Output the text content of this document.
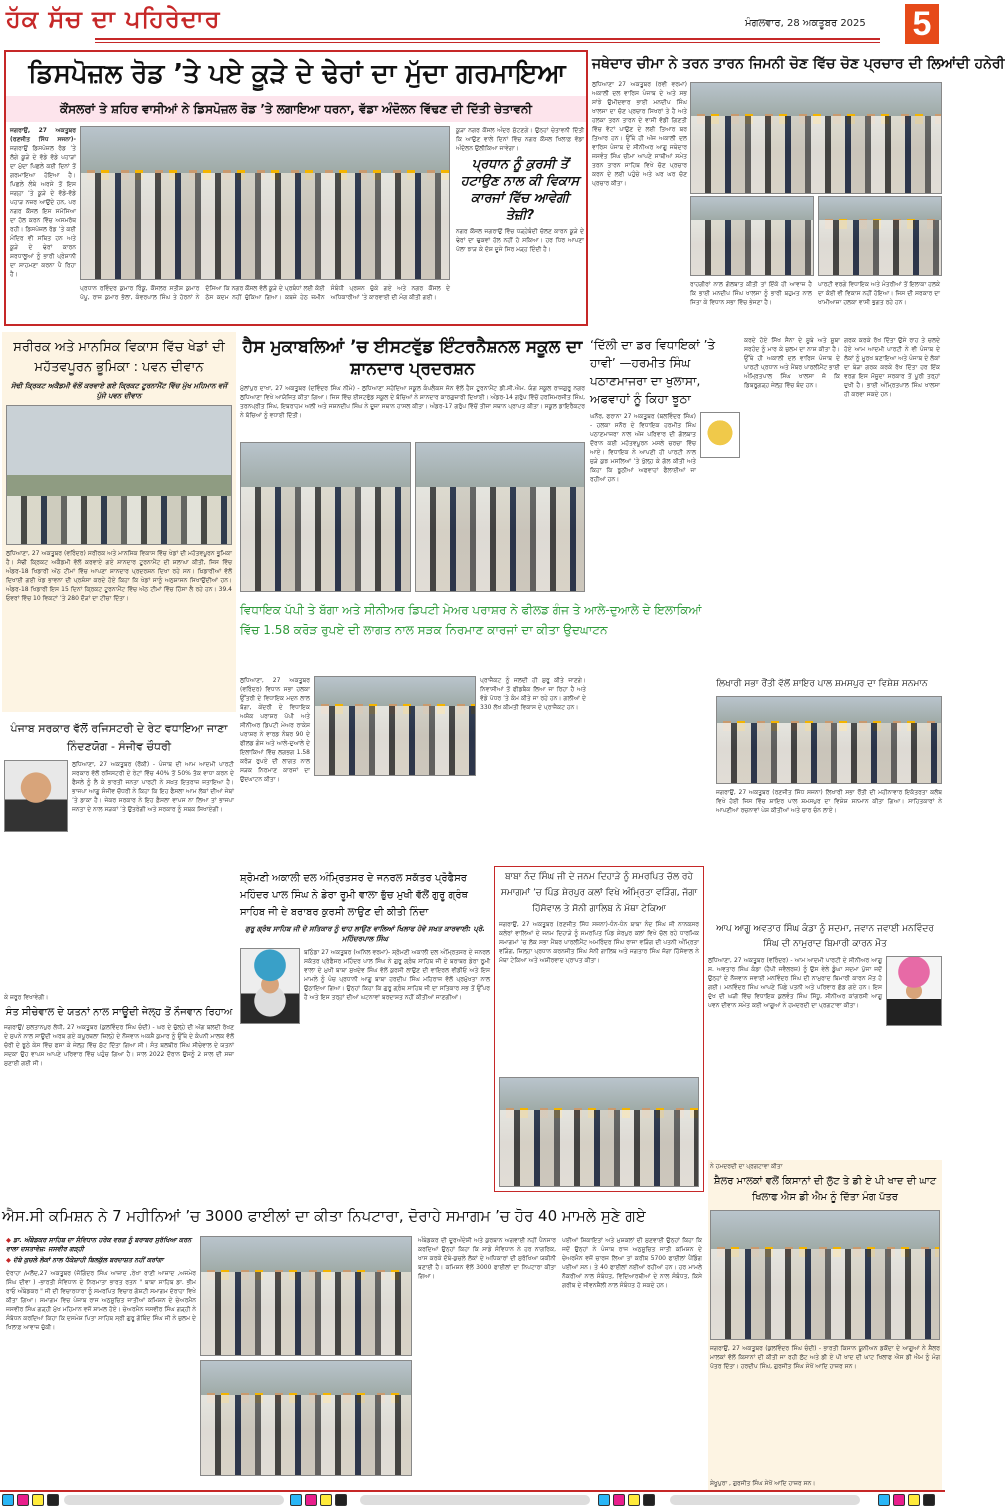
ਹੱਕ ਸੱਚ ਦਾ ਪਹਿਰੇਦਾਰ	ਮੰਗਲਵਾਰ, 28 ਅਕਤੂਬਰ 2025 5
ਡਿਸਪੋਜ਼ਲ ਰੋਡ ’ਤੇ ਪਏ ਕੂੜੇ ਦੇ ਢੇਰਾਂ ਦਾ ਮੁੱਦਾ ਗਰਮਾਇਆ
ਕੌਂਸਲਰਾਂ ਤੇ ਸ਼ਹਿਰ ਵਾਸੀਆਂ ਨੇ ਡਿਸਪੋਜ਼ਲ ਰੋਡ ’ਤੇ ਲਗਾਇਆ ਧਰਨਾ, ਵੱਡਾ ਅੰਦੋਲਨ ਵਿੱਢਣ ਦੀ ਦਿੱਤੀ ਚੇਤਾਵਨੀ
ਜਗਰਾਉਂ, 27 ਅਕਤੂਬਰ (ਰਣਜੀਤ ਸਿੱਧ ਸਜਨਾ)- ਜਗਰਾਉਂ ਡਿਸਪੋਜ਼ਲ ਰੋਡ ’ਤੇ ਲੱਗੇ ਕੂੜੇ ਦੇ ਵੱਡੇ ਵੱਡੇ ਪਹਾੜਾਂ ਦਾ ਮੁੱਦਾ ਪਿਛਲੇ ਕਈ ਦਿਨਾਂ ਤੋਂ ਗਰਮਾਇਆ ਹੋਇਆ ਹੈ। ਪਿਛਲੇ ਲੰਬੇ ਅਰਸੇ ਤੋਂ ਇਸ ਜਗ੍ਹਾ ’ਤੇ ਕੂੜੇ ਦੇ ਵੱਡੇ-ਵੱਡੇ ਪਹਾੜ ਨਜ਼ਰ ਆਉਂਦੇ ਹਨ, ਪਰ ਨਗਰ ਕੌਂਸਲ ਇਸ ਸਮੱਸਿਆ ਦਾ ਹੱਲ ਕਰਨ ਵਿੱਚ ਅਸਮਰੱਥ ਰਹੀ। ਡਿਸਪੋਜ਼ਲ ਰੋਡ ’ਤੇ ਕਈ ਮੰਦਿਰ ਵੀ ਸਥਿਤ ਹਨ ਅਤੇ ਕੂੜੇ ਦੇ ਢੇਰਾਂ ਕਾਰਨ ਸ਼ਰਧਾਲੂਆਂ ਨੂੰ ਭਾਰੀ ਪ੍ਰੇਸ਼ਾਨੀ ਦਾ ਸਾਹਮਣਾ ਕਰਨਾ ਪੈ ਰਿਹਾ ਹੈ।
ਪ੍ਰਧਾਨ ਰਵਿੰਦਰ ਕੁਮਾਰ ਰਿੰਕੂ, ਕੌਂਸਲਰ ਸਤੀਸ਼ ਕੁਮਾਰ ਪੱਪੂ, ਰਾਜ ਕੁਮਾਰ ਭੱਲਾ, ਕੰਵਰਪਾਲ ਸਿੰਘ ਤੇ ਹੋਰਨਾਂ ਨੇ ਦੱਸਿਆ ਕਿ ਨਗਰ ਕੌਂਸਲ ਵੱਲੋਂ ਕੂੜੇ ਦੇ ਪ੍ਰਬੰਧਾਂ ਲਈ ਕੋਈ ਠੋਸ ਕਦਮ ਨਹੀਂ ਚੁੱਕਿਆ ਗਿਆ। ਕਬਜ਼ੇ ਹੇਠ ਜ਼ਮੀਨ ਸੰਬੰਧੀ ਪ੍ਰਸ਼ਨ ਚੁੱਕੇ ਗਏ ਅਤੇ ਨਗਰ ਕੌਂਸਲ ਦੇ ਅਧਿਕਾਰੀਆਂ ’ਤੇ ਕਾਰਵਾਈ ਦੀ ਮੰਗ ਕੀਤੀ ਗਈ।
ਕੂੜਾ ਨਗਰ ਕੌਂਸਲ ਅੰਦਰ ਸੁੱਟਣਗੇ। ਉਨ੍ਹਾਂ ਚੇਤਾਵਨੀ ਦਿੱਤੀ ਕਿ ਆਉਣ ਵਾਲੇ ਦਿਨਾਂ ਵਿੱਚ ਨਗਰ ਕੌਂਸਲ ਖਿਲਾਫ਼ ਵੱਡਾ ਅੰਦੋਲਨ ਉਲੀਕਿਆ ਜਾਵੇਗਾ।
ਪ੍ਰਧਾਨ ਨੂੰ ਕੁਰਸੀ ਤੋਂ ਹਟਾਉਣ ਨਾਲ ਕੀ ਵਿਕਾਸ ਕਾਰਜਾਂ ਵਿੱਚ ਆਵੇਗੀ ਤੇਜ਼ੀ?
ਨਗਰ ਕੌਂਸਲ ਜਗਰਾਉਂ ਵਿੱਚ ਧੜ੍ਹੇਬੰਦੀ ਚੱਲਣ ਕਾਰਨ ਕੂੜੇ ਦੇ ਢੇਰਾਂ ਦਾ ਢੁਕਵਾਂ ਹੱਲ ਨਹੀਂ ਹੋ ਸਕਿਆ। ਹਰ ਧਿਰ ਆਪਣਾ ਪੱਲਾ ਝਾੜ ਕੇ ਦੋਸ਼ ਦੂਜੇ ਸਿਰ ਮੜ੍ਹ ਦਿੰਦੀ ਹੈ।
ਜਥੇਦਾਰ ਚੀਮਾ ਨੇ ਤਰਨ ਤਾਰਨ ਜਿਮਨੀ ਚੋਣ ਵਿੱਚ ਚੋਣ ਪ੍ਰਚਾਰ ਦੀ ਲਿਆਂਦੀ ਹਨੇਰੀ
ਲੁਧਿਆਣਾ 27 ਅਕਤੂਬਰ (ਰਵੀ ਵਰਮਾ) ਅਕਾਲੀ ਦਲ ਵਾਰਿਸ ਪੰਜਾਬ ਦੇ ਅਤੇ ਸਭ ਸਾਂਝੇ ਉਮੀਦਵਾਰ ਭਾਈ ਮਨਦੀਪ ਸਿੰਘ ਖਾਲਸਾ ਦਾ ਚੋਣ ਪ੍ਰਚਾਰ ਸਿਖਰਾਂ ਤੇ ਹੈ ਅਤੇ ਹਲਕਾ ਤਰਨ ਤਾਰਨ ਦੇ ਵਾਸੀ ਵੱਡੀ ਗਿਣਤੀ ਵਿੱਚ ਵੋਟਾਂ ਪਾਉਣ ਦੇ ਲਈ ਤਿਆਰ ਬਰ ਤਿਆਰ ਹਨ। ਉੱਥੇ ਹੀ ਅੱਜ ਅਕਾਲੀ ਦਲ ਵਾਰਿਸ ਪੰਜਾਬ ਦੇ ਸੀਨੀਅਰ ਆਗੂ ਜਥੇਦਾਰ ਜਸਵੰਤ ਸਿੰਘ ਚੀਮਾ ਆਪਣੇ ਸਾਥੀਆਂ ਸਮੇਤ ਤਰਨ ਤਾਰਨ ਸਾਹਿਬ ਵਿਖੇ ਚੋਣ ਪ੍ਰਚਾਰ ਕਰਨ ਦੇ ਲਈ ਪਹੁੰਚੇ ਅਤੇ ਘਰ ਘਰ ਚੋਣ ਪ੍ਰਚਾਰ ਕੀਤਾ।
ਰਾਹਗੀਰਾਂ ਨਾਲ ਗੱਲਬਾਤ ਕੀਤੀ ਤਾਂ ਇੱਕੋ ਹੀ ਆਵਾਜ਼ ਹੈ ਕਿ ਭਾਈ ਮਨਦੀਪ ਸਿੰਘ ਖਾਲਸਾ ਨੂੰ ਭਾਰੀ ਬਹੁਮਤ ਨਾਲ ਜਿਤਾ ਕੇ ਵਿਧਾਨ ਸਭਾ ਵਿੱਚ ਭੇਜਣਾ ਹੈ।
ਪਾਰਟੀ ਵਰਗੇ ਵਿਧਾਇਕ ਅਤੇ ਮੰਤਰੀਆਂ ਤੋਂ ਇਲਾਕਾ ਹਲਕੇ ਦਾ ਕੋਈ ਵੀ ਵਿਕਾਸ ਨਹੀਂ ਹੋਇਆ। ਜਿਸ ਦੀ ਸਰਕਾਰ ਦਾ ਖਾਮੀਆਜ਼ਾ ਹਲਕਾ ਵਾਸੀ ਭੁਗਤ ਰਹੇ ਹਨ।
ਸਰੀਰਕ ਅਤੇ ਮਾਨਸਿਕ ਵਿਕਾਸ ਵਿੱਚ ਖੇਡਾਂ ਦੀ ਮਹੱਤਵਪੂਰਨ ਭੂਮਿਕਾ : ਪਵਨ ਦੀਵਾਨ
ਸੋਢੀ ਕ੍ਰਿਕਟ ਅਕੈਡਮੀ ਵੱਲੋਂ ਕਰਵਾਏ ਗਏ ਕ੍ਰਿਕਟ ਟੂਰਨਾਮੈਂਟ ਵਿੱਚ ਮੁੱਖ ਮਹਿਮਾਨ ਵਜੋਂ ਪੁੱਜੇ ਪਵਨ ਦੀਵਾਨ
ਲੁਧਿਆਣਾ, 27 ਅਕਤੂਬਰ (ਵਰਿੰਦਰ) ਸਰੀਰਕ ਅਤੇ ਮਾਨਸਿਕ ਵਿਕਾਸ ਵਿੱਚ ਖੇਡਾਂ ਦੀ ਮਹੱਤਵਪੂਰਨ ਭੂਮਿਕਾ ਹੈ। ਸੋਢੀ ਕ੍ਰਿਕਟ ਅਕੈਡਮੀ ਵੱਲੋਂ ਕਰਵਾਏ ਗਏ ਸ਼ਾਨਦਾਰ ਟੂਰਨਾਮੈਂਟ ਦੀ ਸ਼ਲਾਘਾ ਕੀਤੀ, ਜਿਸ ਵਿੱਚ ਅੰਡਰ-18 ਖਿਡਾਰੀ ਅੱਠ ਟੀਮਾਂ ਵਿੱਚ ਆਪਣਾ ਸ਼ਾਨਦਾਰ ਪ੍ਰਦਰਸ਼ਨ ਦਿਖਾ ਰਹੇ ਸਨ। ਖ਼ਿਡਾਰੀਆਂ ਵੱਲੋਂ ਦਿਖਾਈ ਗਈ ਖੇਡ ਭਾਵਨਾ ਦੀ ਪ੍ਰਸ਼ੰਸਾ ਕਰਦੇ ਹੋਏ ਕਿਹਾ ਕਿ ਖੇਡਾਂ ਸਾਨੂੰ ਅਨੁਸ਼ਾਸਨ ਸਿਖਾਉਂਦੀਆਂ ਹਨ। ਅੰਡਰ-18 ਖਿਡਾਰੀ ਇਸ 15 ਦਿਨਾਂ ਕ੍ਰਿਕਟ ਟੂਰਨਾਮੈਂਟ ਵਿੱਚ ਅੱਠ ਟੀਮਾਂ ਵਿੱਚ ਹਿੱਸਾ ਲੈ ਰਹੇ ਹਨ। 39.4 ਓਵਰਾਂ ਵਿੱਚ 10 ਵਿਕਟਾਂ ’ਤੇ 280 ਦੌੜਾਂ ਦਾ ਟੀਚਾ ਦਿੱਤਾ।
ਹੈਸ ਮੁਕਾਬਲਿਆਂ ’ਚ ਈਸਟਵੁੱਡ ਇੰਟਰਨੈਸ਼ਨਲ ਸਕੂਲ ਦਾ ਸ਼ਾਨਦਾਰ ਪ੍ਰਦਰਸ਼ਨ
ਮੁੱਲਾਂਪੁਰ ਦਾਖਾ, 27 ਅਕਤੂਬਰ (ਦਵਿੰਦਰ ਸਿੰਘ ਨੀਮੇ) - ਲੁਧਿਆਣਾ ਸਹੋਦਿਆ ਸਕੂਲ ਕੰਪਲੈਕਸ ਜੋਨ ਵੱਲੋਂ ਹੈਸ ਟੂਰਨਾਮੈਂਟ ਡੀ.ਸੀ.ਐਮ. ਯੰਗ ਸਕੂਲ ਰਾਜਗੁਰੂ ਨਗਰ ਲੁਧਿਆਣਾ ਵਿਖੇ ਆਯੋਜਿਤ ਕੀਤਾ ਗਿਆ। ਜਿਸ ਵਿੱਚ ਈਸਟਵੁੱਡ ਸਕੂਲ ਦੇ ਬੱਚਿਆਂ ਨੇ ਸ਼ਾਨਦਾਰ ਕਾਰਗੁਜ਼ਾਰੀ ਦਿਖਾਈ। ਅੰਡਰ-14 ਗਰੁੱਪ ਵਿੱਚੋਂ ਹਰਸਿਮਰਜੀਤ ਸਿੰਘ, ਤਰਨਪ੍ਰੀਤ ਸਿੰਘ, ਇਬਰਾਹਮ ਅਲੀ ਅਤੇ ਜਸ਼ਨਦੀਪ ਸਿੰਘ ਨੇ ਦੂਜਾ ਸਥਾਨ ਹਾਸਲ ਕੀਤਾ। ਅੰਡਰ-17 ਗਰੁੱਪ ਵਿੱਚੋਂ ਤੀਜਾ ਸਥਾਨ ਪ੍ਰਾਪਤ ਕੀਤਾ। ਸਕੂਲ ਡਾਇਰੈਕਟਰ ਨੇ ਬੱਚਿਆਂ ਨੂੰ ਵਧਾਈ ਦਿੱਤੀ।
‘ਦਿੱਲੀ ਦਾ ਡਰ ਵਿਧਾਇਕਾਂ ’ਤੇ ਹਾਵੀ’ —ਹਰਮੀਤ ਸਿੰਘ ਪਠਾਣਮਾਜਰਾ ਦਾ ਖੁਲਾਸਾ, ਅਫਵਾਹਾਂ ਨੂੰ ਕਿਹਾ ਝੂਠਾ
ਘਨੌਰ, ਫਰਾਨਾ 27 ਅਕਤੂਬਰ (ਬਲਵਿੰਦਰ ਸਿੰਘ) - ਹਲਕਾ ਸਨੌਰ ਦੇ ਵਿਧਾਇਕ ਹਰਮੀਤ ਸਿੰਘ ਪਠਾਣਮਾਜਰਾ ਨਾਲ ਅੱਜ ਪਰਿਵਾਰ ਦੀ ਗੱਲਬਾਤ ਦੌਰਾਨ ਕਈ ਮਹੱਤਵਪੂਰਨ ਮਸਲੇ ਚਰਚਾ ਵਿੱਚ ਆਏ। ਵਿਧਾਇਕ ਨੇ ਆਪਣੀ ਹੀ ਪਾਰਟੀ ਨਾਲ ਜੁੜੇ ਕੁਝ ਮਸਲਿਆਂ ’ਤੇ ਖੁੱਲ੍ਹ ਕੇ ਗੱਲ ਕੀਤੀ ਅਤੇ ਕਿਹਾ ਕਿ ਝੂਠੀਆਂ ਅਫਵਾਹਾਂ ਫੈਲਾਈਆਂ ਜਾ ਰਹੀਆਂ ਹਨ।
ਕਰਦੇ ਹੋਏ ਸਿੱਖ ਸੈਨਾ ਦੇ ਸੂਬੇ ਅਤੇ ਸੂਬਾ ਸਰਹੰਦ ਨੂੰ ਮਾਰ ਕੇ ਜ਼ੁਲਮ ਦਾ ਨਾਸ਼ ਕੀਤਾ ਹੈ। ਉੱਥੇ ਹੀ ਅਕਾਲੀ ਦਲ ਵਾਰਿਸ ਪੰਜਾਬ ਦੇ ਪਾਰਟੀ ਪ੍ਰਧਾਨ ਅਤੇ ਮੈਂਬਰ ਪਾਰਲੀਮੈਂਟ ਭਾਈ ਅੰਮ੍ਰਿਤਪਾਲ ਸਿੰਘ ਖਾਲਸਾ ਜੋ ਕਿ ਡਿਬਰੂਗੜ੍ਹ ਜੇਲ੍ਹ ਵਿੱਚ ਬੰਦ ਹਨ।
ਗਰਕ ਕਰਕੇ ਰੱਖ ਦਿੱਤਾ ਉਸੇ ਰਾਹ ਤੇ ਚਲਦੇ ਹੋਏ ਆਮ ਆਦਮੀ ਪਾਰਟੀ ਨੇ ਵੀ ਪੰਜਾਬ ਦੇ ਲੋਕਾਂ ਨੂੰ ਮੂਰਖ ਬਣਾਇਆ ਅਤੇ ਪੰਜਾਬ ਦੇ ਲੋਕਾਂ ਦਾ ਬੇੜਾ ਗਰਕ ਕਰਕੇ ਰੱਖ ਦਿੱਤਾ ਹਰ ਇੱਕ ਵਰਗ ਇਸ ਮੌਜੂਦਾ ਸਰਕਾਰ ਤੋਂ ਪੂਰੀ ਤਰ੍ਹਾਂ ਦੁਖੀ ਹੈ। ਭਾਈ ਅੰਮ੍ਰਿਤਪਾਲ ਸਿੰਘ ਖਾਲਸਾ ਹੀ ਕਰਵਾ ਸਕਦੇ ਹਨ।
ਵਿਧਾਇਕ ਪੱਪੀ ਤੇ ਬੱਗਾ ਅਤੇ ਸੀਨੀਅਰ ਡਿਪਟੀ ਮੇਅਰ ਪਰਾਸ਼ਰ ਨੇ ਫੀਲਡ ਗੰਜ ਤੇ ਆਲੇ-ਦੁਆਲੇ ਦੇ ਇਲਾਕਿਆਂ ਵਿੱਚ 1.58 ਕਰੋੜ ਰੁਪਏ ਦੀ ਲਾਗਤ ਨਾਲ ਸੜਕ ਨਿਰਮਾਣ ਕਾਰਜਾਂ ਦਾ ਕੀਤਾ ਉਦਘਾਟਨ
ਲੁਧਿਆਣਾ, 27 ਅਕਤੂਬਰ (ਵਰਿੰਦਰ) ਵਿਧਾਨ ਸਭਾ ਹਲਕਾ ਉੱਤਰੀ ਦੇ ਵਿਧਾਇਕ ਮਦਨ ਲਾਲ ਬੱਗਾ, ਕੇਂਦਰੀ ਦੇ ਵਿਧਾਇਕ ਅਸ਼ੋਕ ਪਰਾਸ਼ਰ ਪੱਪੀ ਅਤੇ ਸੀਨੀਅਰ ਡਿਪਟੀ ਮੇਅਰ ਰਾਕੇਸ਼ ਪਰਾਸ਼ਰ ਨੇ ਵਾਰਡ ਨੰਬਰ 90 ਦੇ ਫੀਲਡ ਗੰਜ ਅਤੇ ਆਲੇ-ਦੁਆਲੇ ਦੇ ਇਲਾਕਿਆਂ ਵਿੱਚ ਲਗਭਗ 1.58 ਕਰੋੜ ਰੁਪਏ ਦੀ ਲਾਗਤ ਨਾਲ ਸੜਕ ਨਿਰਮਾਣ ਕਾਰਜਾਂ ਦਾ ਉਦਘਾਟਨ ਕੀਤਾ।
ਪ੍ਰਾਜੈਕਟ ਨੂੰ ਜਲਦੀ ਹੀ ਸ਼ੁਰੂ ਕੀਤੇ ਜਾਣਗੇ। ਨਿਵਾਸੀਆਂ ਤੋਂ ਫੀਡਬੈਕ ਲਿਆ ਜਾ ਰਿਹਾ ਹੈ ਅਤੇ ਵੱਡੇ ਪੱਧਰ ’ਤੇ ਕੰਮ ਕੀਤੇ ਜਾ ਰਹੇ ਹਨ। ਗਲੀਆਂ ਦੇ 330 ਲੱਖ ਕੀਮਤੀ ਵਿਕਾਸ ਦੇ ਪ੍ਰਾਜੈਕਟ ਹਨ।
ਲਿਖਾਰੀ ਸਭਾ ਰੌਂਤੀ ਵੱਲੋਂ ਸ਼ਾਇਰ ਪਾਲ ਸ਼ਮਸਪੁਰ ਦਾ ਵਿਸ਼ੇਸ਼ ਸਨਮਾਨ
ਜਗਰਾਉਂ, 27 ਅਕਤੂਬਰ (ਰਣਜੀਤ ਸਿੱਧ ਸਜਨਾ) ਲਿਖਾਰੀ ਸਭਾ ਰੌਂਤੀ ਦੀ ਮਹੀਨਾਵਾਰ ਇਕੱਤਰਤਾ ਕਲੱਬ ਵਿਖੇ ਹੋਈ ਜਿਸ ਵਿੱਚ ਸ਼ਾਇਰ ਪਾਲ ਸ਼ਮਸਪੁਰ ਦਾ ਵਿਸ਼ੇਸ਼ ਸਨਮਾਨ ਕੀਤਾ ਗਿਆ। ਸਾਹਿਤਕਾਰਾਂ ਨੇ ਆਪਣੀਆਂ ਰਚਨਾਵਾਂ ਪੇਸ਼ ਕੀਤੀਆਂ ਅਤੇ ਚਾਰ ਚੰਨ ਲਾਏ।
ਪੰਜਾਬ ਸਰਕਾਰ ਵੱਲੋਂ ਰਜਿਸਟਰੀ ਦੇ ਰੇਟ ਵਧਾਇਆ ਜਾਣਾ ਨਿੰਦਣਯੋਗ - ਸੰਜੀਵ ਚੌਧਰੀ
ਲੁਧਿਆਣਾ, 27 ਅਕਤੂਬਰ (ਰੌਕੀ) - ਪੰਜਾਬ ਦੀ ਆਮ ਆਦਮੀ ਪਾਰਟੀ ਸਰਕਾਰ ਵੱਲੋਂ ਰਜਿਸਟਰੀ ਦੇ ਰੇਟਾਂ ਵਿੱਚ 40% ਤੋਂ 50% ਤੱਕ ਵਾਧਾ ਕਰਨ ਦੇ ਫੈਸਲੇ ਨੂੰ ਲੈ ਕੇ ਭਾਰਤੀ ਜਨਤਾ ਪਾਰਟੀ ਨੇ ਸਖ਼ਤ ਇਤਰਾਜ਼ ਜਤਾਇਆ ਹੈ। ਭਾਜਪਾ ਆਗੂ ਸੰਜੀਵ ਚੌਧਰੀ ਨੇ ਕਿਹਾ ਕਿ ਇਹ ਫੈਸਲਾ ਆਮ ਲੋਕਾਂ ਦੀਆਂ ਜੇਬਾਂ ’ਤੇ ਡਾਕਾ ਹੈ। ਜੇਕਰ ਸਰਕਾਰ ਨੇ ਇਹ ਫ਼ੈਸਲਾ ਵਾਪਸ ਨਾ ਲਿਆ ਤਾਂ ਭਾਜਪਾ ਜਨਤਾ ਦੇ ਨਾਲ ਸੜਕਾਂ ’ਤੇ ਉਤਰੇਗੀ ਅਤੇ ਸਰਕਾਰ ਨੂੰ ਸਬਕ ਸਿਖਾਏਗੀ।
ਕੇ ਜ਼ਰੂਰ ਵਿਖਾਵੇਗੀ।
ਸੰਤ ਸੀਚੇਵਾਲ ਦੇ ਯਤਨਾਂ ਨਾਲ ਸਾਊਦੀ ਜੇਲ੍ਹ ਤੋਂ ਨੌਜਵਾਨ ਰਿਹਾਅ
ਜਗਰਾਉਂ/ ਸੁਲਤਾਨਪੁਰ ਲੋਧੀ, 27 ਅਕਤੂਬਰ (ਕੁਲਵਿੰਦਰ ਸਿੰਘ ਚੰਦੀ) - ਘਰ ਦੇ ਚੁੱਲ੍ਹੇ ਦੀ ਅੱਗ ਬਲਦੀ ਰੱਖਣ ਦੇ ਸੁਪਨੇ ਨਾਲ ਸਾਊਦੀ ਅਰਬ ਗਏ ਕਪੂਰਥਲਾ ਜ਼ਿਲ੍ਹੇ ਦੇ ਨੌਜਵਾਨ ਅਕਸ਼ੈ ਕੁਮਾਰ ਨੂੰ ਉੱਥੇ ਦੇ ਕੰਪਨੀ ਮਾਲਕ ਵੱਲੋਂ ਚੋਰੀ ਦੇ ਝੂਠੇ ਕੇਸ ਵਿੱਚ ਫਸਾ ਕੇ ਜੇਲ੍ਹ ਵਿੱਚ ਸੁੱਟ ਦਿੱਤਾ ਗਿਆ ਸੀ। ਸੰਤ ਬਲਬੀਰ ਸਿੰਘ ਸੀਚੇਵਾਲ ਦੇ ਯਤਨਾਂ ਸਦਕਾ ਉਹ ਵਾਪਸ ਆਪਣੇ ਪਰਿਵਾਰ ਵਿੱਚ ਪਹੁੰਚ ਗਿਆ ਹੈ। ਸਾਲ 2022 ਦੌਰਾਨ ਉਸਨੂੰ 2 ਸਾਲ ਦੀ ਸਜ਼ਾ ਸੁਣਾਈ ਗਈ ਸੀ।
ਸ਼੍ਰੋਮਣੀ ਅਕਾਲੀ ਦਲ ਅੰਮ੍ਰਿਤਸਰ ਦੇ ਜਨਰਲ ਸਕੱਤਰ ਪ੍ਰੋਫੈਸਰ ਮਹਿੰਦਰ ਪਾਲ ਸਿੰਘ ਨੇ ਡੇਰਾ ਰੂਮੀ ਵਾਲਾ ਭੁੱਚ ਮੁਖੀ ਵੱਲੋਂ ਗੁਰੂ ਗ੍ਰੰਥ ਸਾਹਿਬ ਜੀ ਦੇ ਬਰਾਬਰ ਕੁਰਸੀ ਲਾਉਣ ਦੀ ਕੀਤੀ ਨਿੰਦਾ
ਗੁਰੂ ਗ੍ਰੰਥ ਸਾਹਿਬ ਜੀ ਦੇ ਸਤਿਕਾਰ ਨੂੰ ਢਾਹ ਲਾਉਣ ਵਾਲਿਆਂ ਖਿਲਾਫ ਹੋਵੇ ਸਖਤ ਕਾਰਵਾਈ: ਪ੍ਰੋ. ਮਹਿੰਦਰਪਾਲ ਸਿੰਘ
ਬਠਿੰਡਾ 27 ਅਕਤੂਬਰ (ਅਨਿਲ ਵਰਮਾ)- ਸ਼੍ਰੋਮਣੀ ਅਕਾਲੀ ਦਲ ਅੰਮ੍ਰਿਤਸਰ ਦੇ ਜਨਰਲ ਸਕੱਤਰ ਪ੍ਰੋਫੈਸਰ ਮਹਿੰਦਰ ਪਾਲ ਸਿੰਘ ਨੇ ਗੁਰੂ ਗ੍ਰੰਥ ਸਾਹਿਬ ਜੀ ਦੇ ਬਰਾਬਰ ਡੇਰਾ ਰੂਮੀ ਵਾਲਾ ਦੇ ਮੁਖੀ ਬਾਬਾ ਸੁਖਦੇਵ ਸਿੰਘ ਵੱਲੋਂ ਕੁਰਸੀ ਲਾਉਣ ਦੀ ਵਾਇਰਲ ਵੀਡੀਓ ਅਤੇ ਇਸ ਮਾਮਲੇ ਨੂੰ ਪੰਚ ਪ੍ਰਧਾਨੀ ਆਗੂ ਬਾਬਾ ਹਰਦੀਪ ਸਿੰਘ ਮਹਿਰਾਜ ਵੱਲੋਂ ਪ੍ਰਮੁੱਖਤਾ ਨਾਲ ਉਠਾਇਆ ਗਿਆ। ਉਨ੍ਹਾਂ ਕਿਹਾ ਕਿ ਗੁਰੂ ਗ੍ਰੰਥ ਸਾਹਿਬ ਜੀ ਦਾ ਸਤਿਕਾਰ ਸਭ ਤੋਂ ਉੱਪਰ ਹੈ ਅਤੇ ਇਸ ਤਰ੍ਹਾਂ ਦੀਆਂ ਘਟਨਾਵਾਂ ਬਰਦਾਸ਼ਤ ਨਹੀਂ ਕੀਤੀਆਂ ਜਾਣਗੀਆਂ।
ਬਾਬਾ ਨੰਦ ਸਿੰਘ ਜੀ ਦੇ ਜਨਮ ਦਿਹਾੜੇ ਨੂੰ ਸਮਰਪਿਤ ਚੱਲ ਰਹੇ ਸਮਾਗਮਾਂ ’ਚ ਪਿੰਡ ਸ਼ੇਰਪੁਰ ਕਲਾਂ ਵਿਖੇ ਅੰਮ੍ਰਿਤਾ ਵੜਿੰਗ, ਜੱਗਾ ਹਿੱਸੋਵਾਲ ਤੇ ਸੋਨੀ ਗਾਲਿਬ ਨੇ ਮੱਥਾ ਟੇਕਿਆ
ਜਗਰਾਉਂ, 27 ਅਕਤੂਬਰ (ਰਣਜੀਤ ਸਿੱਧ ਸਜਨਾ)-ਧੰਨ-ਧੰਨ ਬਾਬਾ ਨੰਦ ਸਿੰਘ ਜੀ ਨਾਨਕਸਰ ਕਲੇਰਾਂ ਵਾਲਿਆਂ ਦੇ ਜਨਮ ਦਿਹਾੜੇ ਨੂੰ ਸਮਰਪਿਤ ਪਿੰਡ ਸ਼ੇਰਪੁਰ ਕਲਾਂ ਵਿਖੇ ਚੱਲ ਰਹੇ ਧਾਰਮਿਕ ਸਮਾਗਮਾਂ ’ਚ ਲੋਕ ਸਭਾ ਮੈਂਬਰ ਪਾਰਲੀਮੈਂਟ ਅਮਰਿੰਦਰ ਸਿੰਘ ਰਾਜਾ ਵੜਿੰਗ ਦੀ ਪਤਨੀ ਅੰਮ੍ਰਿਤਾ ਵੜਿੰਗ, ਜ਼ਿਲ੍ਹਾ ਪ੍ਰਧਾਨ ਕਰਨਜੀਤ ਸਿੰਘ ਸੋਨੀ ਗਾਲਿਬ ਅਤੇ ਜਗਤਾਰ ਸਿੰਘ ਜੱਗਾ ਹਿੱਸੋਵਾਲ ਨੇ ਮੱਥਾ ਟੇਕਿਆ ਅਤੇ ਅਸ਼ੀਰਵਾਦ ਪ੍ਰਾਪਤ ਕੀਤਾ।
ਆਪ ਆਗੂ ਅਵਤਾਰ ਸਿੰਘ ਕੰਡਾ ਨੂੰ ਸਦਮਾ, ਜਵਾਨ ਜਵਾਈ ਮਨਵਿੰਦਰ ਸਿੰਘ ਦੀ ਨਾਮੁਰਾਦ ਬਿਮਾਰੀ ਕਾਰਨ ਮੌਤ
ਲੁਧਿਆਣਾ, 27 ਅਕਤੂਬਰ (ਵਰਿੰਦਰ) - ਆਮ ਆਦਮੀ ਪਾਰਟੀ ਦੇ ਸੀਨੀਅਰ ਆਗੂ ਸ. ਅਵਤਾਰ ਸਿੰਘ ਕੰਡਾ (ਹੈਪੀ ਜਵੈਲਰਜ਼) ਨੂੰ ਉਸ ਵੇਲੇ ਡੂੰਘਾ ਸਦਮਾ ਪੁੱਜਾ ਜਦੋਂ ਉਨ੍ਹਾਂ ਦੇ ਨੌਜਵਾਨ ਜਵਾਈ ਮਨਵਿੰਦਰ ਸਿੰਘ ਦੀ ਨਾਮੁਰਾਦ ਬਿਮਾਰੀ ਕਾਰਨ ਮੌਤ ਹੋ ਗਈ। ਮਨਵਿੰਦਰ ਸਿੰਘ ਆਪਣੇ ਪਿੱਛੇ ਪਤਨੀ ਅਤੇ ਪਰਿਵਾਰ ਛੱਡ ਗਏ ਹਨ। ਇਸ ਦੁੱਖ ਦੀ ਘੜੀ ਵਿੱਚ ਵਿਧਾਇਕ ਕੁਲਵੰਤ ਸਿੰਘ ਸਿੱਧੂ, ਸੀਨੀਅਰ ਕਾਂਗਰਸੀ ਆਗੂ ਪਵਨ ਦੀਵਾਨ ਸਮੇਤ ਕਈ ਆਗੂਆਂ ਨੇ ਹਮਦਰਦੀ ਦਾ ਪ੍ਰਗਟਾਵਾ ਕੀਤਾ।
ਨੇ ਹਮਦਰਦੀ ਦਾ ਪ੍ਰਗਟਾਵਾ ਕੀਤਾ
ਸ਼ੈਲਰ ਮਾਲਕਾਂ ਵਲੋਂ ਕਿਸਾਨਾਂ ਦੀ ਲੁੱਟ ਤੇ ਡੀ ਏ ਪੀ ਖਾਦ ਦੀ ਘਾਟ ਖਿਲਾਫ ਐਸ ਡੀ ਐਮ ਨੂੰ ਦਿੱਤਾ ਮੰਗ ਪੱਤਰ
ਜਗਰਾਉਂ, 27 ਅਕਤੂਬਰ (ਕੁਲਵਿੰਦਰ ਸਿੰਘ ਚੰਦੀ) - ਭਾਰਤੀ ਕਿਸਾਨ ਯੂਨੀਅਨ ਡਕੌਂਦਾ ਦੇ ਆਗੂਆਂ ਨੇ ਸ਼ੈਲਰ ਮਾਲਕਾਂ ਵੱਲੋਂ ਕਿਸਾਨਾਂ ਦੀ ਕੀਤੀ ਜਾ ਰਹੀ ਲੁੱਟ ਅਤੇ ਡੀ ਏ ਪੀ ਖਾਦ ਦੀ ਘਾਟ ਖਿਲਾਫ ਐਸ ਡੀ ਐਮ ਨੂੰ ਮੰਗ ਪੱਤਰ ਦਿੱਤਾ। ਹਰਦੀਪ ਸਿੰਘ, ਗੁਰਜੀਤ ਸਿੰਘ ਸੇਖੋਂ ਆਦਿ ਹਾਜ਼ਰ ਸਨ।
ਸ਼ੇਖੂਪੁਰਾ , ਗੁਰਜੀਤ ਸਿੰਘ ਸੇਖੋਂ ਆਦਿ ਹਾਜ਼ਰ ਸਨ।
ਐਸ.ਸੀ ਕਮਿਸ਼ਨ ਨੇ 7 ਮਹੀਨਿਆਂ ’ਚ 3000 ਫਾਈਲਾਂ ਦਾ ਕੀਤਾ ਨਿਪਟਾਰਾ, ਦੋਰਾਹੇ ਸਮਾਗਮ ’ਚ ਹੋਰ 40 ਮਾਮਲੇ ਸੁਣੇ ਗਏ
◆ ਡਾ. ਅੰਬੇਡਕਰ ਸਾਹਿਬ ਦਾ ਸੰਵਿਧਾਨ ਹਰੇਕ ਵਰਗ ਨੂੰ ਬਰਾਬਰ ਸੁਰੱਖਿਆ ਕਰਨ ਵਾਲਾ ਦਸਤਾਵੇਜ਼: ਜਸਵੀਰ ਗੜ੍ਹੀ
◆ ਦੱਬੇ ਕੁਚਲੇ ਲੋਕਾਂ ਨਾਲ ਧੱਕੇਸ਼ਾਹੀ ਬਿਲਕੁੱਲ ਬਰਦਾਸ਼ਤ ਨਹੀਂ ਕਰਾਂਗਾ
ਦੋਰਾਹਾ /ਮਲੌਦ,27 ਅਕਤੂਬਰ (ਜੋਗਿੰਦਰ ਸਿੰਘ ਆਜ਼ਾਦ ,ਰੇਖਾ ਰਾਣੀ ਆਜ਼ਾਦ ,ਅਜਮੇਰ ਸਿੰਘ ਦੀਵਾ ) -ਭਾਰਤੀ ਸੰਵਿਧਾਨ ਦੇ ਨਿਰਮਾਤਾ ਭਾਰਤ ਰਤਨ " ਬਾਬਾ ਸਾਹਿਬ ਡਾ. ਭੀਮ ਰਾਓ ਅੰਬੇਡਕਰ " ਜੀ ਦੀ ਵਿਚਾਰਧਾਰਾ ਨੂੰ ਸਮਰਪਿਤ ਵਿਚਾਰ ਗੋਸ਼ਟੀ ਸਮਾਗਮ ਦੋਰਾਹਾ ਵਿਖੇ ਕੀਤਾ ਗਿਆ। ਸਮਾਗਮ ਵਿਚ ਪੰਜਾਬ ਰਾਜ ਅਨੁਸੂਚਿਤ ਜਾਤੀਆਂ ਕਮਿਸ਼ਨ ਦੇ ਚੇਅਰਮੈਨ ਜਸਵੀਰ ਸਿੰਘ ਗੜ੍ਹੀ ਮੁੱਖ ਮਹਿਮਾਨ ਵਜੋਂ ਸ਼ਾਮਲ ਹੋਏ। ਚੇਅਰਮੈਨ ਜਸਵੀਰ ਸਿੰਘ ਗੜ੍ਹੀ ਨੇ ਸੰਬੋਧਨ ਕਰਦਿਆਂ ਕਿਹਾ ਕਿ ਦਸਮੇਸ਼ ਪਿਤਾ ਸਾਹਿਬ ਸ੍ਰੀ ਗੁਰੂ ਗੋਬਿੰਦ ਸਿੰਘ ਜੀ ਨੇ ਜ਼ੁਲਮ ਦੇ ਖਿਲਾਫ਼ ਆਵਾਜ਼ ਚੁੱਕੀ।
ਅੰਬੇਡਕਰ ਦੀ ਦੂਰਅੰਦੇਸ਼ੀ ਅਤੇ ਕੁਰਬਾਨ ਅਗਵਾਈ ਨਹੀਂ ਪੈਨਸਾਰ ਕਰਦਿਆਂ ਉਨ੍ਹਾਂ ਕਿਹਾ ਕਿ ਸਾਡੇ ਸੰਵਿਧਾਨ ਨੇ ਹਰ ਨਾਗਰਿਕ, ਖਾਸ ਕਰਕੇ ਦੱਬੇ-ਕੁਚਲੇ ਲੋਕਾਂ ਦੇ ਅਧਿਕਾਰਾਂ ਦੀ ਸੁਰੱਖਿਆ ਯਕੀਨੀ ਬਣਾਈ ਹੈ। ਕਮਿਸ਼ਨ ਵੱਲੋਂ 3000 ਫਾਈਲਾਂ ਦਾ ਨਿਪਟਾਰਾ ਕੀਤਾ ਗਿਆ।
ਪਈਆਂ ਸ਼ਿਕਾਇਤਾਂ ਅਤੇ ਮੁਸ਼ਕਲਾਂ ਦੀ ਸੁਣਵਾਈ ਉਨ੍ਹਾਂ ਕਿਹਾ ਕਿ ਜਦੋਂ ਉਨ੍ਹਾਂ ਨੇ ਪੰਜਾਬ ਰਾਜ ਅਨੁਸੂਚਿਤ ਜਾਤੀ ਕਮਿਸ਼ਨ ਦੇ ਚੇਅਰਮੈਨ ਵਜੋਂ ਚਾਰਜ ਲਿਆ ਤਾਂ ਕਰੀਬ 5700 ਫਾਈਲਾਂ ਪੈਂਡਿੰਗ ਪਈਆਂ ਸਨ। ਤੇ 40 ਫਾਈਲਾਂ ਨਈਆਂ ਰਹੀਆਂ ਹਨ। ਹਰ ਮਾਮਲੇ ਨੌਕਰੀਆਂ ਨਾਲ ਸੰਬੰਧਤ, ਵਿਦਿਆਰਥੀਆਂ ਦੇ ਨਾਲ ਸੰਬੰਧਤ, ਕਿਸੇ ਗਰੀਬ ਦੇ ਜੀਵਨਸ਼ੈਲੀ ਨਾਲ ਸੰਬੰਧਤ ਹੋ ਸਕਦੇ ਹਨ।
